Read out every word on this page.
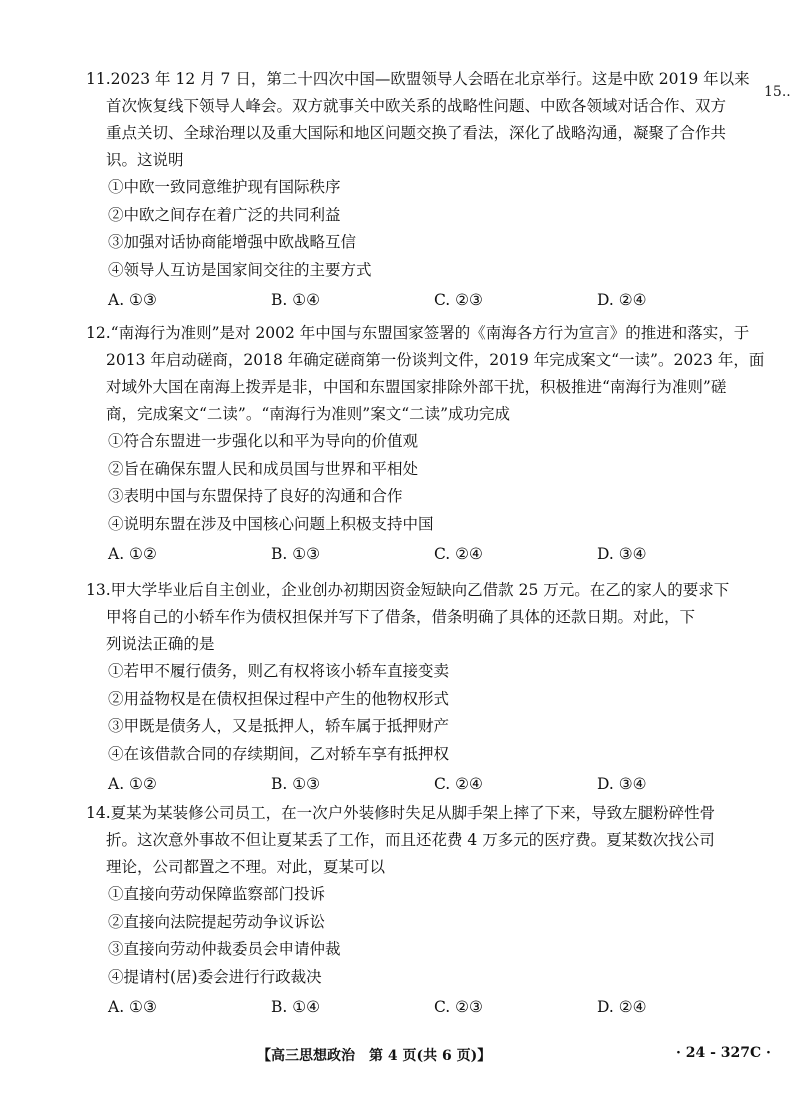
15..

11.2023 年 12 月 7 日，第二十四次中国—欧盟领导人会晤在北京举行。这是中欧 2019 年以来
首次恢复线下领导人峰会。双方就事关中欧关系的战略性问题、中欧各领域对话合作、双方
重点关切、全球治理以及重大国际和地区问题交换了看法，深化了战略沟通，凝聚了合作共
识。这说明

①中欧一致同意维护现有国际秩序

②中欧之间存在着广泛的共同利益

③加强对话协商能增强中欧战略互信

④领导人互访是国家间交往的主要方式

A. ①③	B. ①④	C. ②③	D. ②④

12.“南海行为准则”是对 2002 年中国与东盟国家签署的《南海各方行为宣言》的推进和落实，于
2013 年启动磋商，2018 年确定磋商第一份谈判文件，2019 年完成案文“一读”。2023 年，面
对域外大国在南海上拨弄是非，中国和东盟国家排除外部干扰，积极推进“南海行为准则”磋
商，完成案文“二读”。“南海行为准则”案文“二读”成功完成

①符合东盟进一步强化以和平为导向的价值观

②旨在确保东盟人民和成员国与世界和平相处

③表明中国与东盟保持了良好的沟通和合作

④说明东盟在涉及中国核心问题上积极支持中国

A. ①②	B. ①③	C. ②④	D. ③④

13.甲大学毕业后自主创业，企业创办初期因资金短缺向乙借款 25 万元。在乙的家人的要求下
甲将自己的小轿车作为债权担保并写下了借条，借条明确了具体的还款日期。对此，下
列说法正确的是

①若甲不履行债务，则乙有权将该小轿车直接变卖

②用益物权是在债权担保过程中产生的他物权形式

③甲既是债务人，又是抵押人，轿车属于抵押财产

④在该借款合同的存续期间，乙对轿车享有抵押权

A. ①②	B. ①③	C. ②④	D. ③④

14.夏某为某装修公司员工，在一次户外装修时失足从脚手架上摔了下来，导致左腿粉碎性骨
折。这次意外事故不但让夏某丢了工作，而且还花费 4 万多元的医疗费。夏某数次找公司
理论，公司都置之不理。对此，夏某可以

①直接向劳动保障监察部门投诉

②直接向法院提起劳动争议诉讼

③直接向劳动仲裁委员会申请仲裁

④提请村(居)委会进行行政裁决

A. ①③	B. ①④	C. ②③	D. ②④
【高三思想政治　第 4 页(共 6 页)】	· 24 - 327C ·
